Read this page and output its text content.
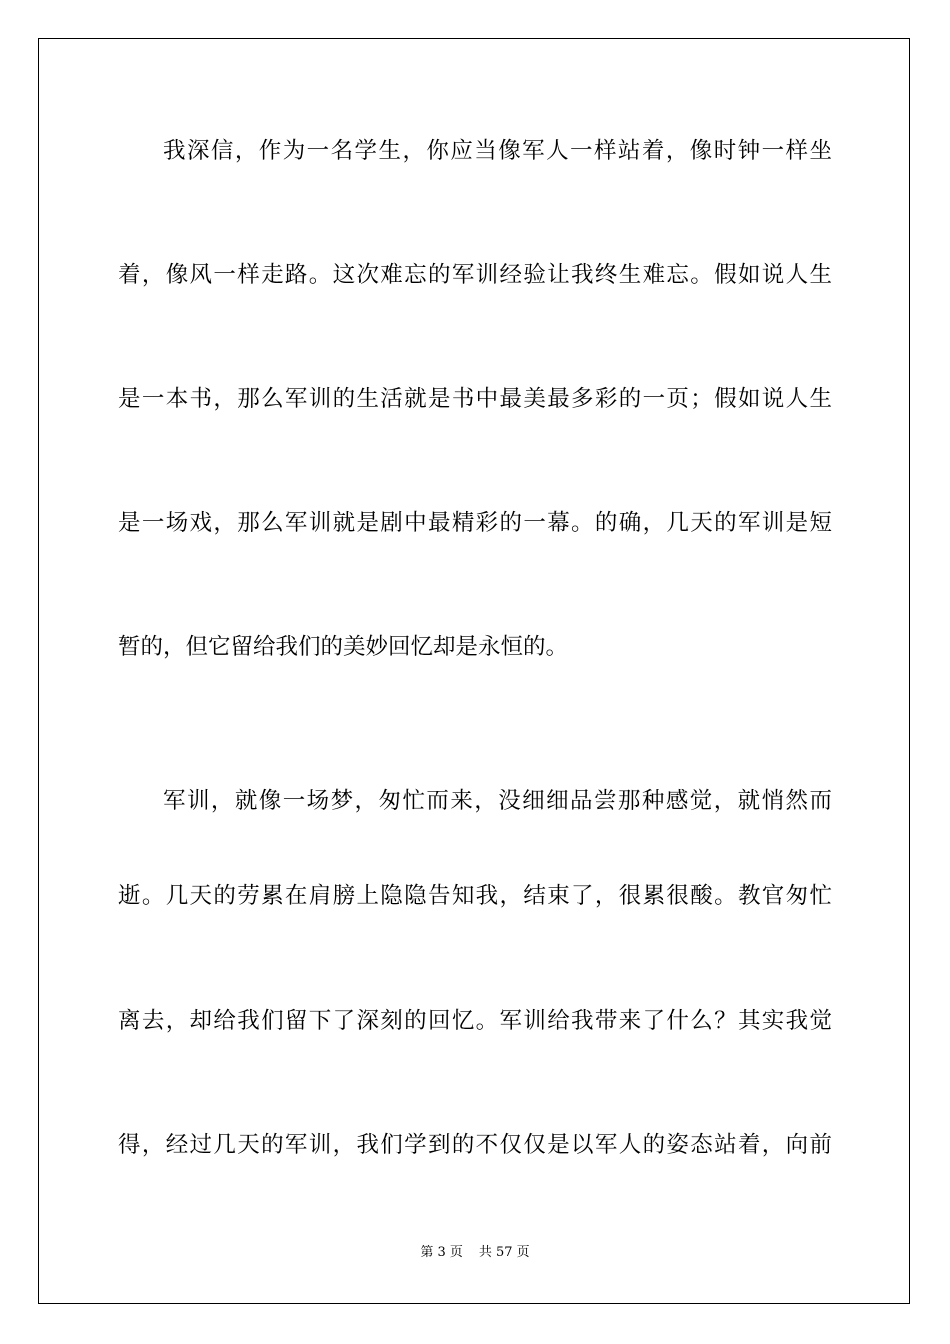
我深信，作为一名学生，你应当像军人一样站着，像时钟一样坐
着，像风一样走路。这次难忘的军训经验让我终生难忘。假如说人生
是一本书，那么军训的生活就是书中最美最多彩的一页；假如说人生
是一场戏，那么军训就是剧中最精彩的一幕。的确，几天的军训是短
暂的，但它留给我们的美妙回忆却是永恒的。
军训，就像一场梦，匆忙而来，没细细品尝那种感觉，就悄然而
逝。几天的劳累在肩膀上隐隐告知我，结束了，很累很酸。教官匆忙
离去，却给我们留下了深刻的回忆。军训给我带来了什么？其实我觉
得，经过几天的军训，我们学到的不仅仅是以军人的姿态站着，向前
第 3 页 共 57 页
